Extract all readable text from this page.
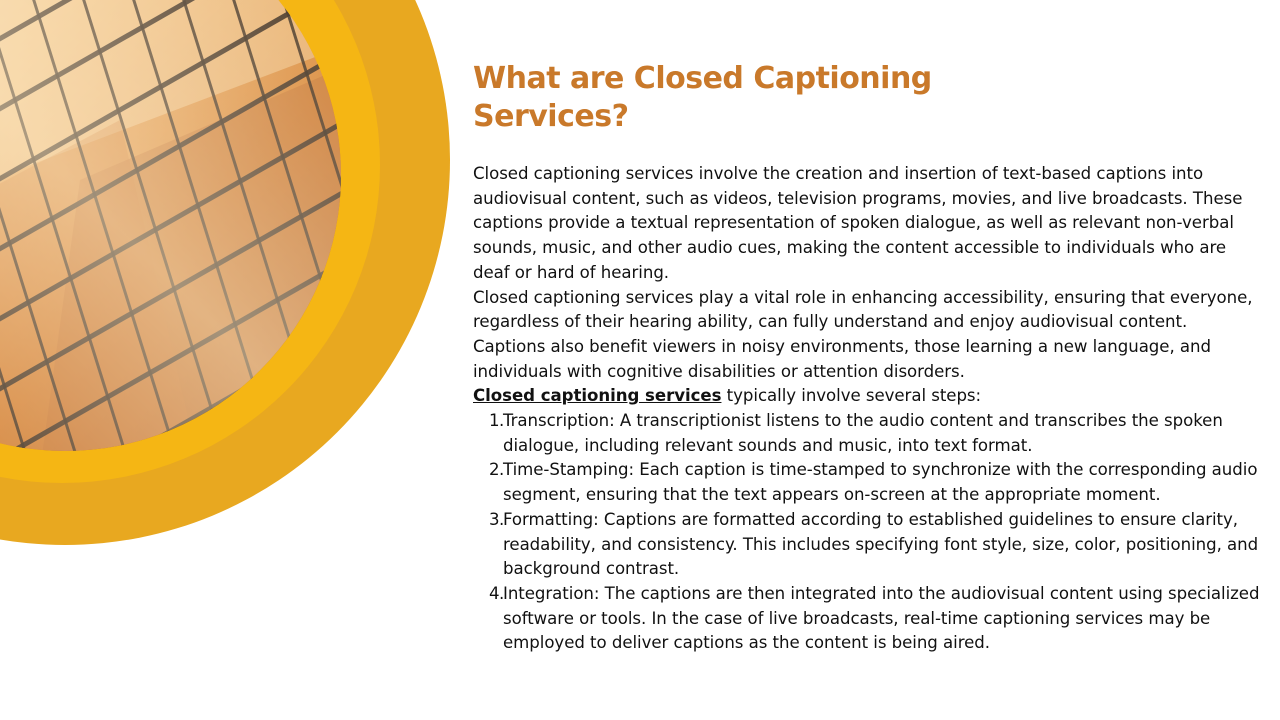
What are Closed Captioning Services?

Closed captioning services involve the creation and insertion of text-based captions into audiovisual content, such as videos, television programs, movies, and live broadcasts. These captions provide a textual representation of spoken dialogue, as well as relevant non-verbal sounds, music, and other audio cues, making the content accessible to individuals who are deaf or hard of hearing.

Closed captioning services play a vital role in enhancing accessibility, ensuring that everyone, regardless of their hearing ability, can fully understand and enjoy audiovisual content. Captions also benefit viewers in noisy environments, those learning a new language, and individuals with cognitive disabilities or attention disorders.

Closed captioning services typically involve several steps:

1. Transcription: A transcriptionist listens to the audio content and transcribes the spoken dialogue, including relevant sounds and music, into text format.
2. Time-Stamping: Each caption is time-stamped to synchronize with the corresponding audio segment, ensuring that the text appears on-screen at the appropriate moment.
3. Formatting: Captions are formatted according to established guidelines to ensure clarity, readability, and consistency. This includes specifying font style, size, color, positioning, and background contrast.
4. Integration: The captions are then integrated into the audiovisual content using specialized software or tools. In the case of live broadcasts, real-time captioning services may be employed to deliver captions as the content is being aired.
